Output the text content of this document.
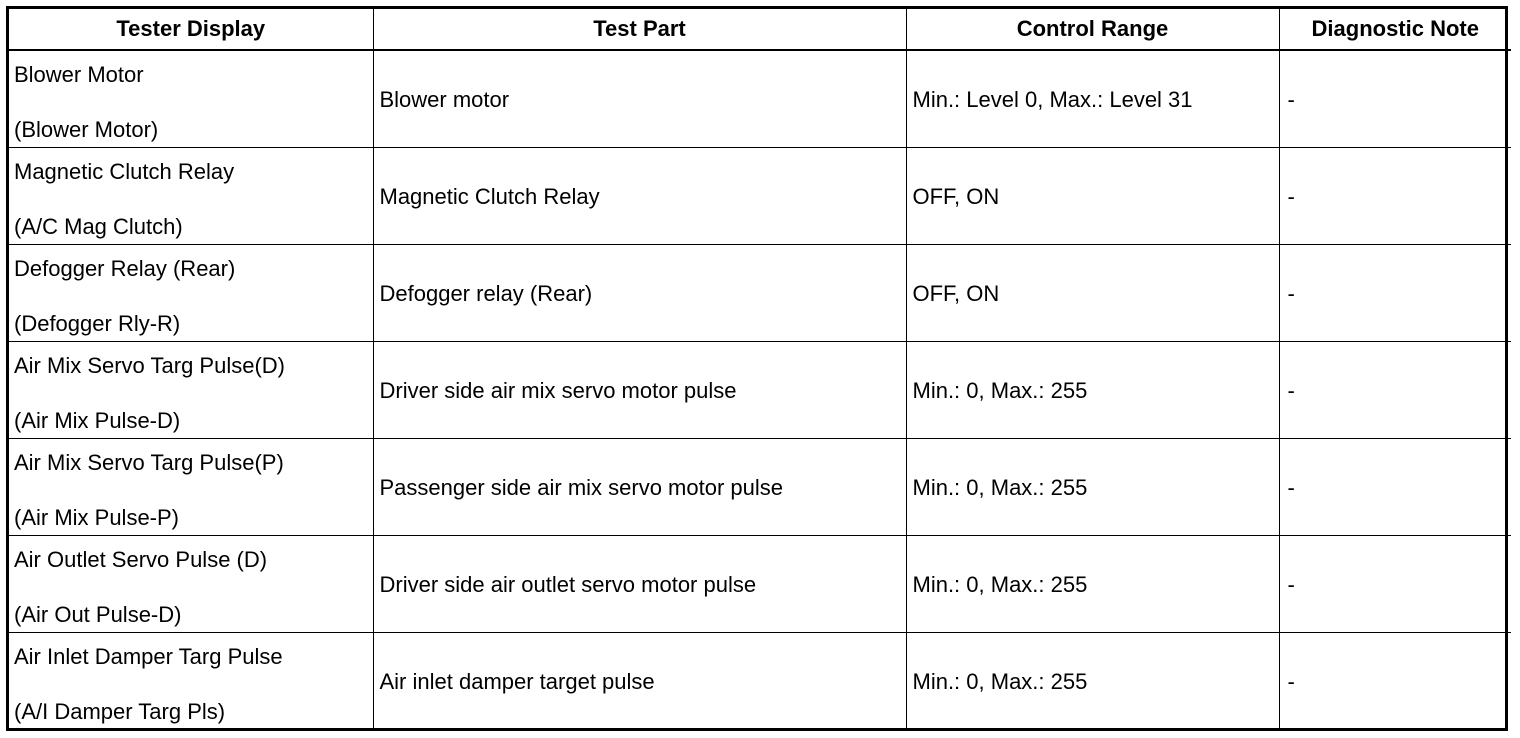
Tester Display	Test Part	Control Range	Diagnostic Note

Blower Motor
(Blower Motor)	Blower motor	Min.: Level 0, Max.: Level 31	-

Magnetic Clutch Relay
(A/C Mag Clutch)	Magnetic Clutch Relay	OFF, ON	-

Defogger Relay (Rear)
(Defogger Rly-R)	Defogger relay (Rear)	OFF, ON	-

Air Mix Servo Targ Pulse(D)
(Air Mix Pulse-D)	Driver side air mix servo motor pulse	Min.: 0, Max.: 255	-

Air Mix Servo Targ Pulse(P)
(Air Mix Pulse-P)	Passenger side air mix servo motor pulse	Min.: 0, Max.: 255	-

Air Outlet Servo Pulse (D)
(Air Out Pulse-D)	Driver side air outlet servo motor pulse	Min.: 0, Max.: 255	-

Air Inlet Damper Targ Pulse
(A/I Damper Targ Pls)	Air inlet damper target pulse	Min.: 0, Max.: 255	-
